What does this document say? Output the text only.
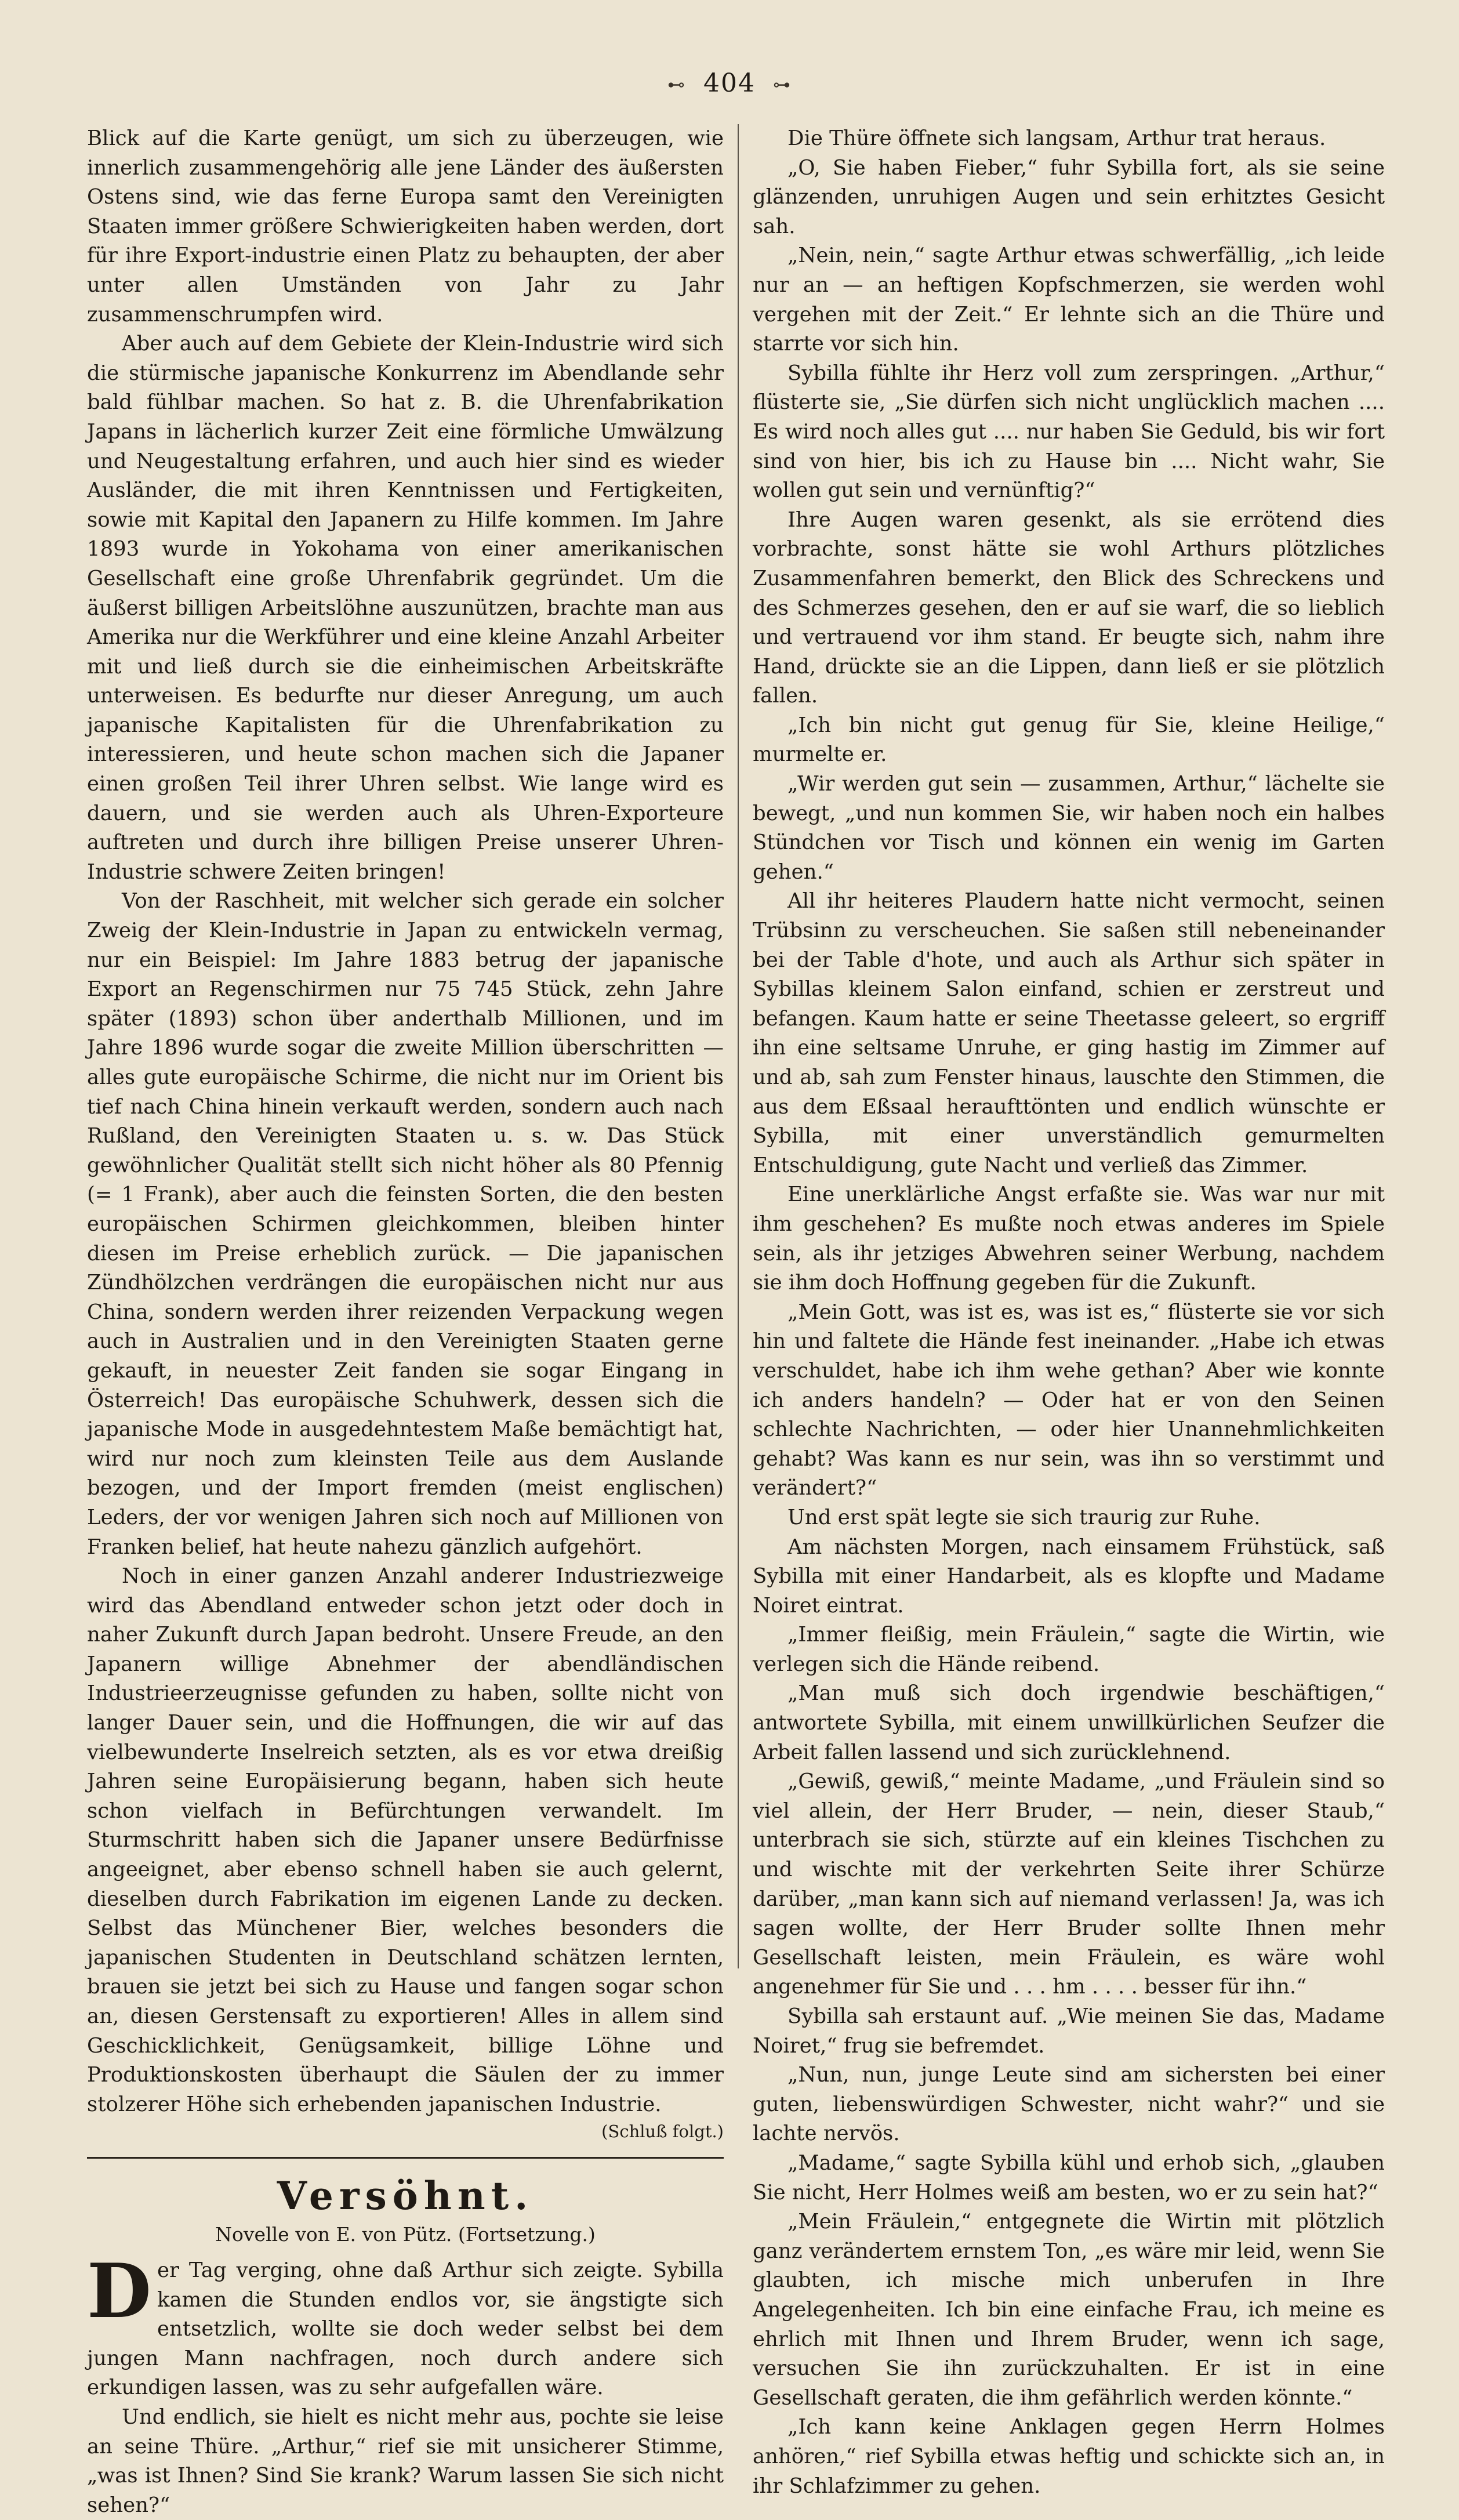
⊷ 404 ⊶

Blick auf die Karte genügt, um sich zu überzeugen, wie innerlich zusammengehörig alle jene Länder des äußersten Ostens sind, wie das ferne Europa samt den Vereinigten Staaten immer größere Schwierigkeiten haben werden, dort für ihre Export-industrie einen Platz zu behaupten, der aber unter allen Umständen von Jahr zu Jahr zusammenschrumpfen wird.

Aber auch auf dem Gebiete der Klein-Industrie wird sich die stürmische japanische Konkurrenz im Abendlande sehr bald fühlbar machen. So hat z. B. die Uhrenfabrikation Japans in lächerlich kurzer Zeit eine förmliche Umwälzung und Neugestaltung erfahren, und auch hier sind es wieder Ausländer, die mit ihren Kenntnissen und Fertigkeiten, sowie mit Kapital den Japanern zu Hilfe kommen. Im Jahre 1893 wurde in Yokohama von einer amerikanischen Gesellschaft eine große Uhrenfabrik gegründet. Um die äußerst billigen Arbeitslöhne auszunützen, brachte man aus Amerika nur die Werkführer und eine kleine Anzahl Arbeiter mit und ließ durch sie die einheimischen Arbeitskräfte unterweisen. Es bedurfte nur dieser Anregung, um auch japanische Kapitalisten für die Uhrenfabrikation zu interessieren, und heute schon machen sich die Japaner einen großen Teil ihrer Uhren selbst. Wie lange wird es dauern, und sie werden auch als Uhren-Exporteure auftreten und durch ihre billigen Preise unserer Uhren-Industrie schwere Zeiten bringen!

Von der Raschheit, mit welcher sich gerade ein solcher Zweig der Klein-Industrie in Japan zu entwickeln vermag, nur ein Beispiel: Im Jahre 1883 betrug der japanische Export an Regenschirmen nur 75 745 Stück, zehn Jahre später (1893) schon über anderthalb Millionen, und im Jahre 1896 wurde sogar die zweite Million überschritten — alles gute europäische Schirme, die nicht nur im Orient bis tief nach China hinein verkauft werden, sondern auch nach Rußland, den Vereinigten Staaten u. s. w. Das Stück gewöhnlicher Qualität stellt sich nicht höher als 80 Pfennig (= 1 Frank), aber auch die feinsten Sorten, die den besten europäischen Schirmen gleichkommen, bleiben hinter diesen im Preise erheblich zurück. — Die japanischen Zündhölzchen verdrängen die europäischen nicht nur aus China, sondern werden ihrer reizenden Verpackung wegen auch in Australien und in den Vereinigten Staaten gerne gekauft, in neuester Zeit fanden sie sogar Eingang in Österreich! Das europäische Schuhwerk, dessen sich die japanische Mode in ausgedehntestem Maße bemächtigt hat, wird nur noch zum kleinsten Teile aus dem Auslande bezogen, und der Import fremden (meist englischen) Leders, der vor wenigen Jahren sich noch auf Millionen von Franken belief, hat heute nahezu gänzlich aufgehört.

Noch in einer ganzen Anzahl anderer Industriezweige wird das Abendland entweder schon jetzt oder doch in naher Zukunft durch Japan bedroht. Unsere Freude, an den Japanern willige Abnehmer der abendländischen Industrieerzeugnisse gefunden zu haben, sollte nicht von langer Dauer sein, und die Hoffnungen, die wir auf das vielbewunderte Inselreich setzten, als es vor etwa dreißig Jahren seine Europäisierung begann, haben sich heute schon vielfach in Befürchtungen verwandelt. Im Sturmschritt haben sich die Japaner unsere Bedürfnisse angeeignet, aber ebenso schnell haben sie auch gelernt, dieselben durch Fabrikation im eigenen Lande zu decken. Selbst das Münchener Bier, welches besonders die japanischen Studenten in Deutschland schätzen lernten, brauen sie jetzt bei sich zu Hause und fangen sogar schon an, diesen Gerstensaft zu exportieren! Alles in allem sind Geschicklichkeit, Genügsamkeit, billige Löhne und Produktionskosten überhaupt die Säulen der zu immer stolzerer Höhe sich erhebenden japanischen Industrie.

(Schluß folgt.)
Versöhnt.
Novelle von E. von Pütz. (Fortsetzung.)

Der Tag verging, ohne daß Arthur sich zeigte. Sybilla kamen die Stunden endlos vor, sie ängstigte sich entsetzlich, wollte sie doch weder selbst bei dem jungen Mann nachfragen, noch durch andere sich erkundigen lassen, was zu sehr aufgefallen wäre.

Und endlich, sie hielt es nicht mehr aus, pochte sie leise an seine Thüre. „Arthur,“ rief sie mit unsicherer Stimme, „was ist Ihnen? Sind Sie krank? Warum lassen Sie sich nicht sehen?“

Die Thüre öffnete sich langsam, Arthur trat heraus.

„O, Sie haben Fieber,“ fuhr Sybilla fort, als sie seine glänzenden, unruhigen Augen und sein erhitztes Gesicht sah.

„Nein, nein,“ sagte Arthur etwas schwerfällig, „ich leide nur an — an heftigen Kopfschmerzen, sie werden wohl vergehen mit der Zeit.“ Er lehnte sich an die Thüre und starrte vor sich hin.

Sybilla fühlte ihr Herz voll zum zerspringen. „Arthur,“ flüsterte sie, „Sie dürfen sich nicht unglücklich machen .... Es wird noch alles gut .... nur haben Sie Geduld, bis wir fort sind von hier, bis ich zu Hause bin .... Nicht wahr, Sie wollen gut sein und vernünftig?“

Ihre Augen waren gesenkt, als sie errötend dies vorbrachte, sonst hätte sie wohl Arthurs plötzliches Zusammenfahren bemerkt, den Blick des Schreckens und des Schmerzes gesehen, den er auf sie warf, die so lieblich und vertrauend vor ihm stand. Er beugte sich, nahm ihre Hand, drückte sie an die Lippen, dann ließ er sie plötzlich fallen.

„Ich bin nicht gut genug für Sie, kleine Heilige,“ murmelte er.

„Wir werden gut sein — zusammen, Arthur,“ lächelte sie bewegt, „und nun kommen Sie, wir haben noch ein halbes Stündchen vor Tisch und können ein wenig im Garten gehen.“

All ihr heiteres Plaudern hatte nicht vermocht, seinen Trübsinn zu verscheuchen. Sie saßen still nebeneinander bei der Table d'hote, und auch als Arthur sich später in Sybillas kleinem Salon einfand, schien er zerstreut und befangen. Kaum hatte er seine Theetasse geleert, so ergriff ihn eine seltsame Unruhe, er ging hastig im Zimmer auf und ab, sah zum Fenster hinaus, lauschte den Stimmen, die aus dem Eßsaal heraufttönten und endlich wünschte er Sybilla, mit einer unverständlich gemurmelten Entschuldigung, gute Nacht und verließ das Zimmer.

Eine unerklärliche Angst erfaßte sie. Was war nur mit ihm geschehen? Es mußte noch etwas anderes im Spiele sein, als ihr jetziges Abwehren seiner Werbung, nachdem sie ihm doch Hoffnung gegeben für die Zukunft.

„Mein Gott, was ist es, was ist es,“ flüsterte sie vor sich hin und faltete die Hände fest ineinander. „Habe ich etwas verschuldet, habe ich ihm wehe gethan? Aber wie konnte ich anders handeln? — Oder hat er von den Seinen schlechte Nachrichten, — oder hier Unannehmlichkeiten gehabt? Was kann es nur sein, was ihn so verstimmt und verändert?“

Und erst spät legte sie sich traurig zur Ruhe.

Am nächsten Morgen, nach einsamem Frühstück, saß Sybilla mit einer Handarbeit, als es klopfte und Madame Noiret eintrat.

„Immer fleißig, mein Fräulein,“ sagte die Wirtin, wie verlegen sich die Hände reibend.

„Man muß sich doch irgendwie beschäftigen,“ antwortete Sybilla, mit einem unwillkürlichen Seufzer die Arbeit fallen lassend und sich zurücklehnend.

„Gewiß, gewiß,“ meinte Madame, „und Fräulein sind so viel allein, der Herr Bruder, — nein, dieser Staub,“ unterbrach sie sich, stürzte auf ein kleines Tischchen zu und wischte mit der verkehrten Seite ihrer Schürze darüber, „man kann sich auf niemand verlassen! Ja, was ich sagen wollte, der Herr Bruder sollte Ihnen mehr Gesellschaft leisten, mein Fräulein, es wäre wohl angenehmer für Sie und . . . hm . . . . besser für ihn.“

Sybilla sah erstaunt auf. „Wie meinen Sie das, Madame Noiret,“ frug sie befremdet.

„Nun, nun, junge Leute sind am sichersten bei einer guten, liebenswürdigen Schwester, nicht wahr?“ und sie lachte nervös.

„Madame,“ sagte Sybilla kühl und erhob sich, „glauben Sie nicht, Herr Holmes weiß am besten, wo er zu sein hat?“

„Mein Fräulein,“ entgegnete die Wirtin mit plötzlich ganz verändertem ernstem Ton, „es wäre mir leid, wenn Sie glaubten, ich mische mich unberufen in Ihre Angelegenheiten. Ich bin eine einfache Frau, ich meine es ehrlich mit Ihnen und Ihrem Bruder, wenn ich sage, versuchen Sie ihn zurückzuhalten. Er ist in eine Gesellschaft geraten, die ihm gefährlich werden könnte.“

„Ich kann keine Anklagen gegen Herrn Holmes anhören,“ rief Sybilla etwas heftig und schickte sich an, in ihr Schlafzimmer zu gehen.
